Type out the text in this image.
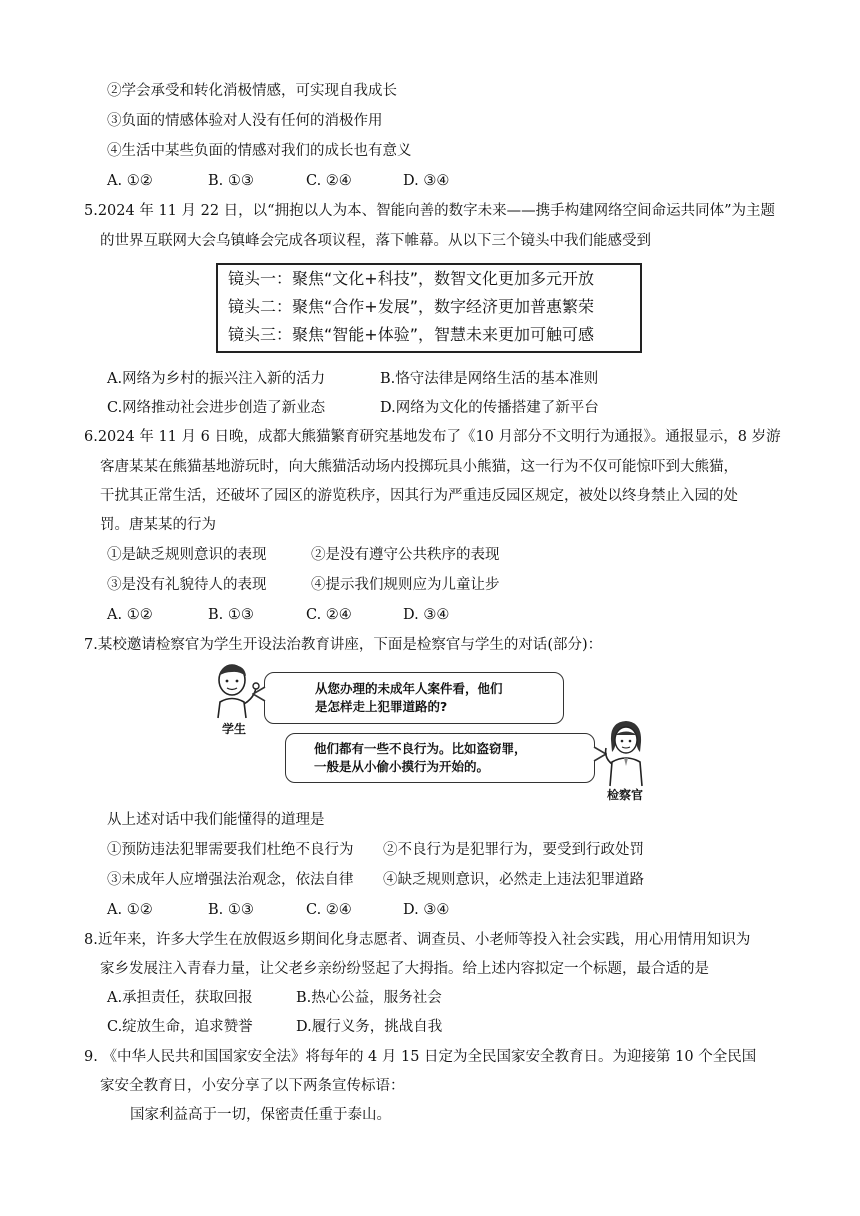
②学会承受和转化消极情感，可实现自我成长
③负面的情感体验对人没有任何的消极作用
④生活中某些负面的情感对我们的成长也有意义
A. ①②	B. ①③	C. ②④	D. ③④
5.2024 年 11 月 22 日，以“拥抱以人为本、智能向善的数字未来——携手构建网络空间命运共同体”为主题
的世界互联网大会乌镇峰会完成各项议程，落下帷幕。从以下三个镜头中我们能感受到
镜头一：聚焦“文化+科技”，数智文化更加多元开放
镜头二：聚焦“合作+发展”，数字经济更加普惠繁荣
镜头三：聚焦“智能+体验”，智慧未来更加可触可感
A.网络为乡村的振兴注入新的活力	B.恪守法律是网络生活的基本准则
C.网络推动社会进步创造了新业态	D.网络为文化的传播搭建了新平台
6.2024 年 11 月 6 日晚，成都大熊猫繁育研究基地发布了《10 月部分不文明行为通报》。通报显示，8 岁游
客唐某某在熊猫基地游玩时，向大熊猫活动场内投掷玩具小熊猫，这一行为不仅可能惊吓到大熊猫，
干扰其正常生活，还破坏了园区的游览秩序，因其行为严重违反园区规定，被处以终身禁止入园的处
罚。唐某某的行为
①是缺乏规则意识的表现	②是没有遵守公共秩序的表现
③是没有礼貌待人的表现	④提示我们规则应为儿童让步
A. ①②	B. ①③	C. ②④	D. ③④
7.某校邀请检察官为学生开设法治教育讲座，下面是检察官与学生的对话(部分)：
学生
从您办理的未成年人案件看，他们
是怎样走上犯罪道路的?
他们都有一些不良行为。比如盗窃罪，
一般是从小偷小摸行为开始的。
检察官
从上述对话中我们能懂得的道理是
①预防违法犯罪需要我们杜绝不良行为 ②不良行为是犯罪行为，要受到行政处罚
③未成年人应增强法治观念，依法自律 ④缺乏规则意识，必然走上违法犯罪道路
A. ①②	B. ①③	C. ②④	D. ③④
8.近年来，许多大学生在放假返乡期间化身志愿者、调查员、小老师等投入社会实践，用心用情用知识为
家乡发展注入青春力量，让父老乡亲纷纷竖起了大拇指。给上述内容拟定一个标题，最合适的是
A.承担责任，获取回报	B.热心公益，服务社会
C.绽放生命，追求赞誉	D.履行义务，挑战自我
9. 《中华人民共和国国家安全法》将每年的 4 月 15 日定为全民国家安全教育日。为迎接第 10 个全民国
家安全教育日，小安分享了以下两条宣传标语：
国家利益高于一切，保密责任重于泰山。
